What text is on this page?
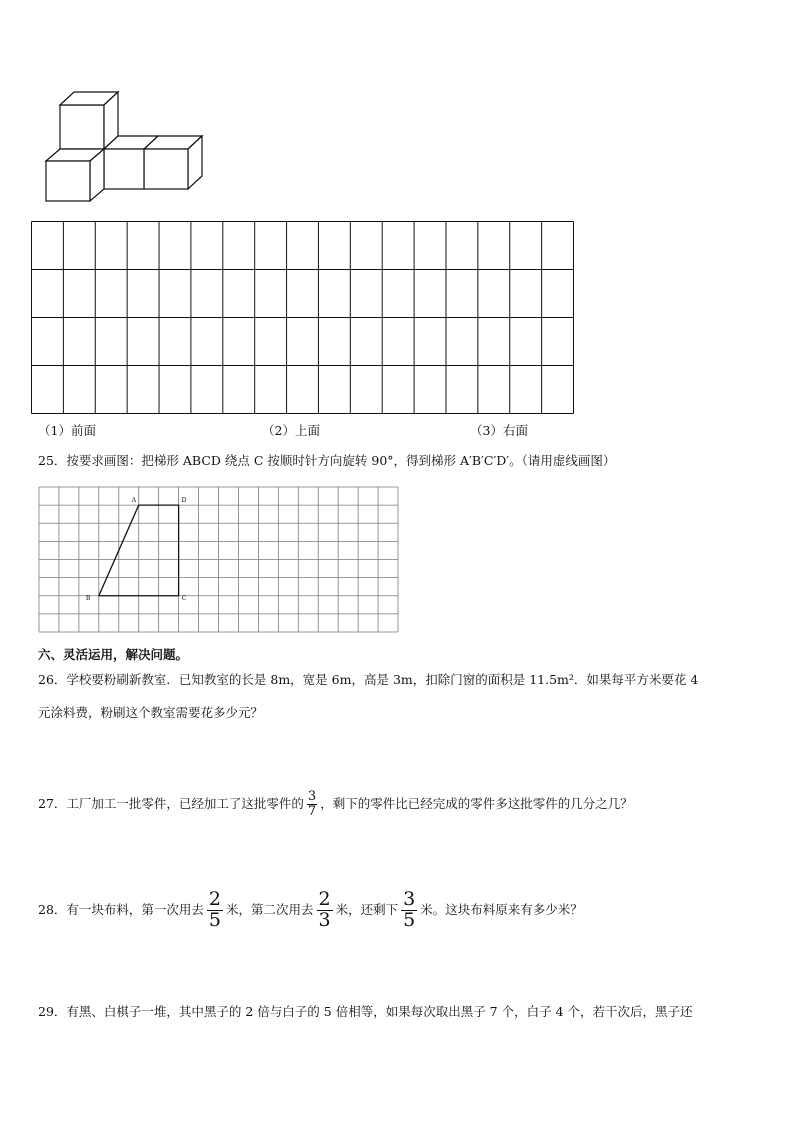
（1）前面	（2）上面	（3）右面
25．按要求画图：把梯形 ABCD 绕点 C 按顺时针方向旋转 90°，得到梯形 A′B′C′D′。（请用虚线画图）
A	D
C
B
六、灵活运用，解决问题。
26．学校要粉刷新教室．已知教室的长是 8m，宽是 6m，高是 3m，扣除门窗的面积是 11.5m²．如果每平方米要花 4
元涂料费，粉刷这个教室需要花多少元？
27．工厂加工一批零件，已经加工了这批零件的 $\frac{3}{7}$ ，剩下的零件比已经完成的零件多这批零件的几分之几？
28．有一块布料，第一次用去 $\frac{2}{5}$ 米，第二次用去 $\frac{2}{3}$ 米，还剩下 $\frac{3}{5}$ 米。这块布料原来有多少米？
29．有黑、白棋子一堆，其中黑子的 2 倍与白子的 5 倍相等，如果每次取出黑子 7 个，白子 4 个，若干次后，黑子还
